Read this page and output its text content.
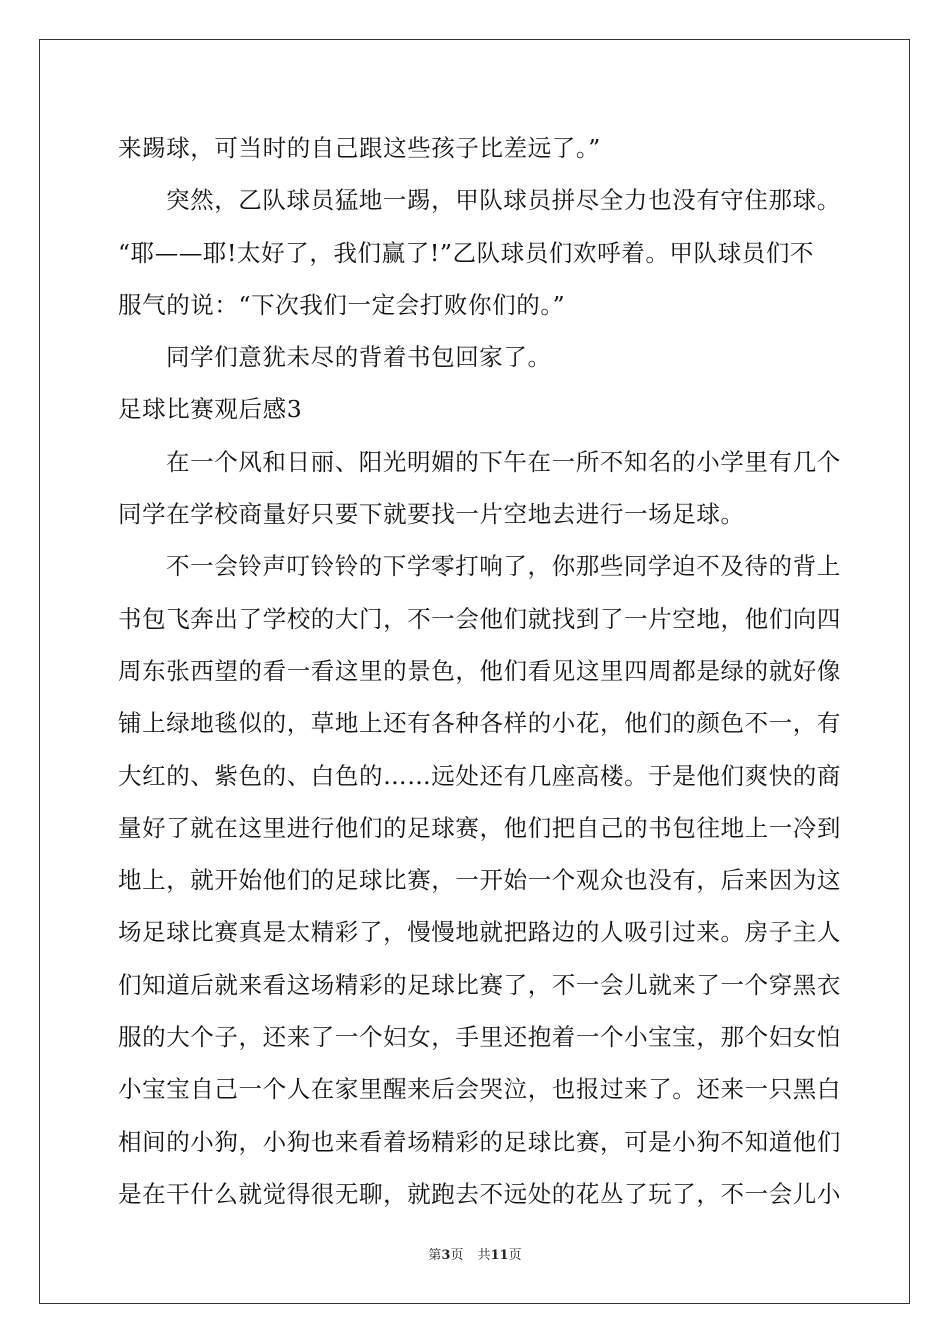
来踢球，可当时的自己跟这些孩子比差远了。”
突然，乙队球员猛地一踢，甲队球员拼尽全力也没有守住那球。
“耶——耶!太好了，我们赢了!”乙队球员们欢呼着。甲队球员们不
服气的说：“下次我们一定会打败你们的。”
同学们意犹未尽的背着书包回家了。
足球比赛观后感3
在一个风和日丽、阳光明媚的下午在一所不知名的小学里有几个
同学在学校商量好只要下就要找一片空地去进行一场足球。
不一会铃声叮铃铃的下学零打响了，你那些同学迫不及待的背上
书包飞奔出了学校的大门，不一会他们就找到了一片空地，他们向四
周东张西望的看一看这里的景色，他们看见这里四周都是绿的就好像
铺上绿地毯似的，草地上还有各种各样的小花，他们的颜色不一，有
大红的、紫色的、白色的……远处还有几座高楼。于是他们爽快的商
量好了就在这里进行他们的足球赛，他们把自己的书包往地上一冷到
地上，就开始他们的足球比赛，一开始一个观众也没有，后来因为这
场足球比赛真是太精彩了，慢慢地就把路边的人吸引过来。房子主人
们知道后就来看这场精彩的足球比赛了，不一会儿就来了一个穿黑衣
服的大个子，还来了一个妇女，手里还抱着一个小宝宝，那个妇女怕
小宝宝自己一个人在家里醒来后会哭泣，也报过来了。还来一只黑白
相间的小狗，小狗也来看着场精彩的足球比赛，可是小狗不知道他们
是在干什么就觉得很无聊，就跑去不远处的花丛了玩了，不一会儿小
第3页 共11页
